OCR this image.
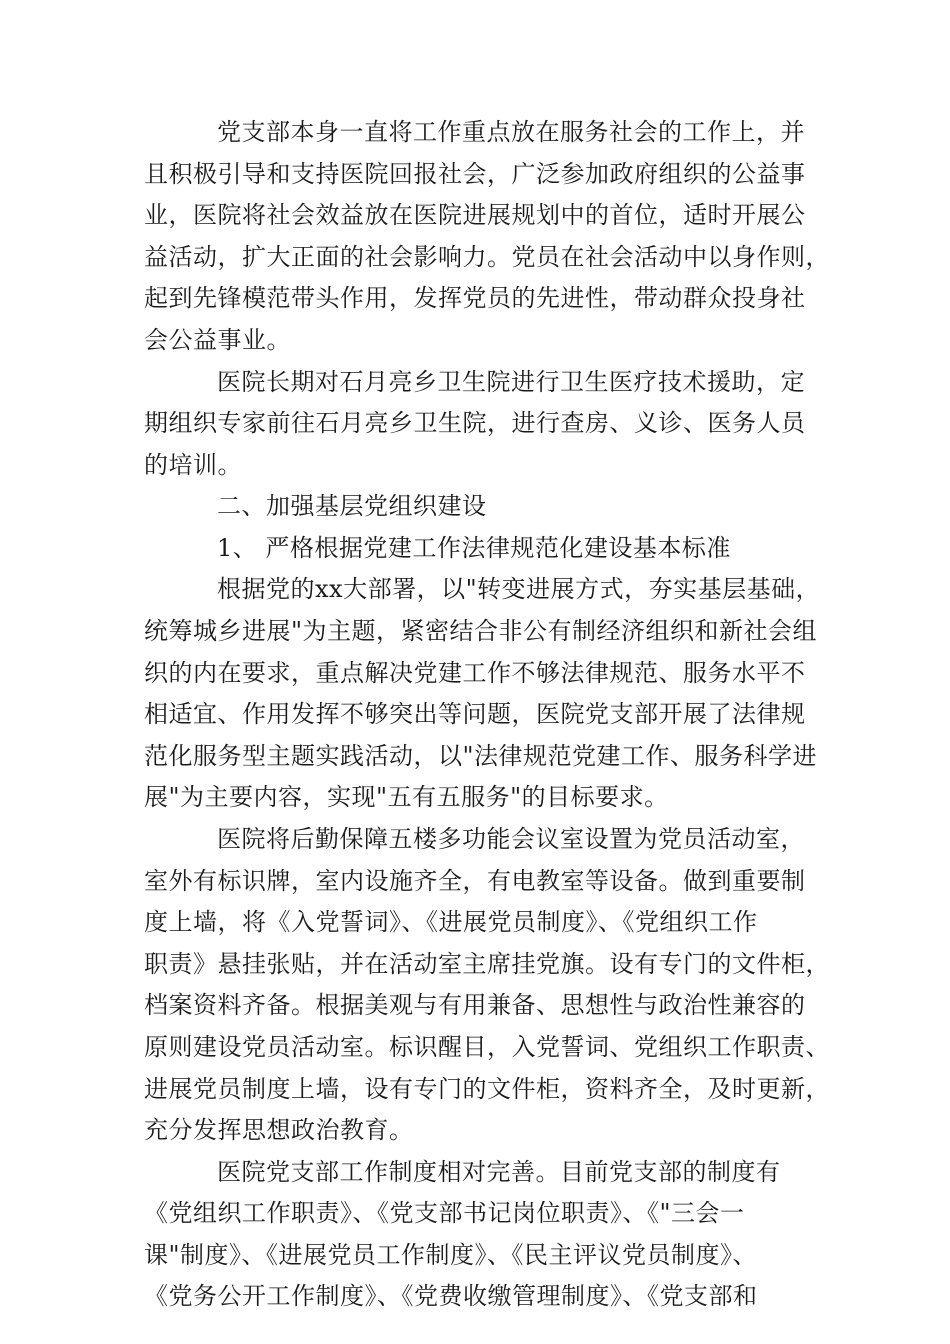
党支部本身一直将工作重点放在服务社会的工作上，并
且积极引导和支持医院回报社会，广泛参加政府组织的公益事
业，医院将社会效益放在医院进展规划中的首位，适时开展公
益活动，扩大正面的社会影响力。党员在社会活动中以身作则，
起到先锋模范带头作用，发挥党员的先进性，带动群众投身社
会公益事业。
医院长期对石月亮乡卫生院进行卫生医疗技术援助，定
期组织专家前往石月亮乡卫生院，进行查房、义诊、医务人员
的培训。
二、加强基层党组织建设
1、 严格根据党建工作法律规范化建设基本标准
根据党的xx大部署，以"转变进展方式，夯实基层基础，
统筹城乡进展"为主题，紧密结合非公有制经济组织和新社会组
织的内在要求，重点解决党建工作不够法律规范、服务水平不
相适宜、作用发挥不够突出等问题，医院党支部开展了法律规
范化服务型主题实践活动，以"法律规范党建工作、服务科学进
展"为主要内容，实现"五有五服务"的目标要求。
医院将后勤保障五楼多功能会议室设置为党员活动室，
室外有标识牌，室内设施齐全，有电教室等设备。做到重要制
度上墙，将《入党誓词》、《进展党员制度》、《党组织工作
职责》悬挂张贴，并在活动室主席挂党旗。设有专门的文件柜，
档案资料齐备。根据美观与有用兼备、思想性与政治性兼容的
原则建设党员活动室。标识醒目，入党誓词、党组织工作职责、
进展党员制度上墙，设有专门的文件柜，资料齐全，及时更新，
充分发挥思想政治教育。
医院党支部工作制度相对完善。目前党支部的制度有
《党组织工作职责》、《党支部书记岗位职责》、《"三会一
课"制度》、《进展党员工作制度》、《民主评议党员制度》、
《党务公开工作制度》、《党费收缴管理制度》、《党支部和
